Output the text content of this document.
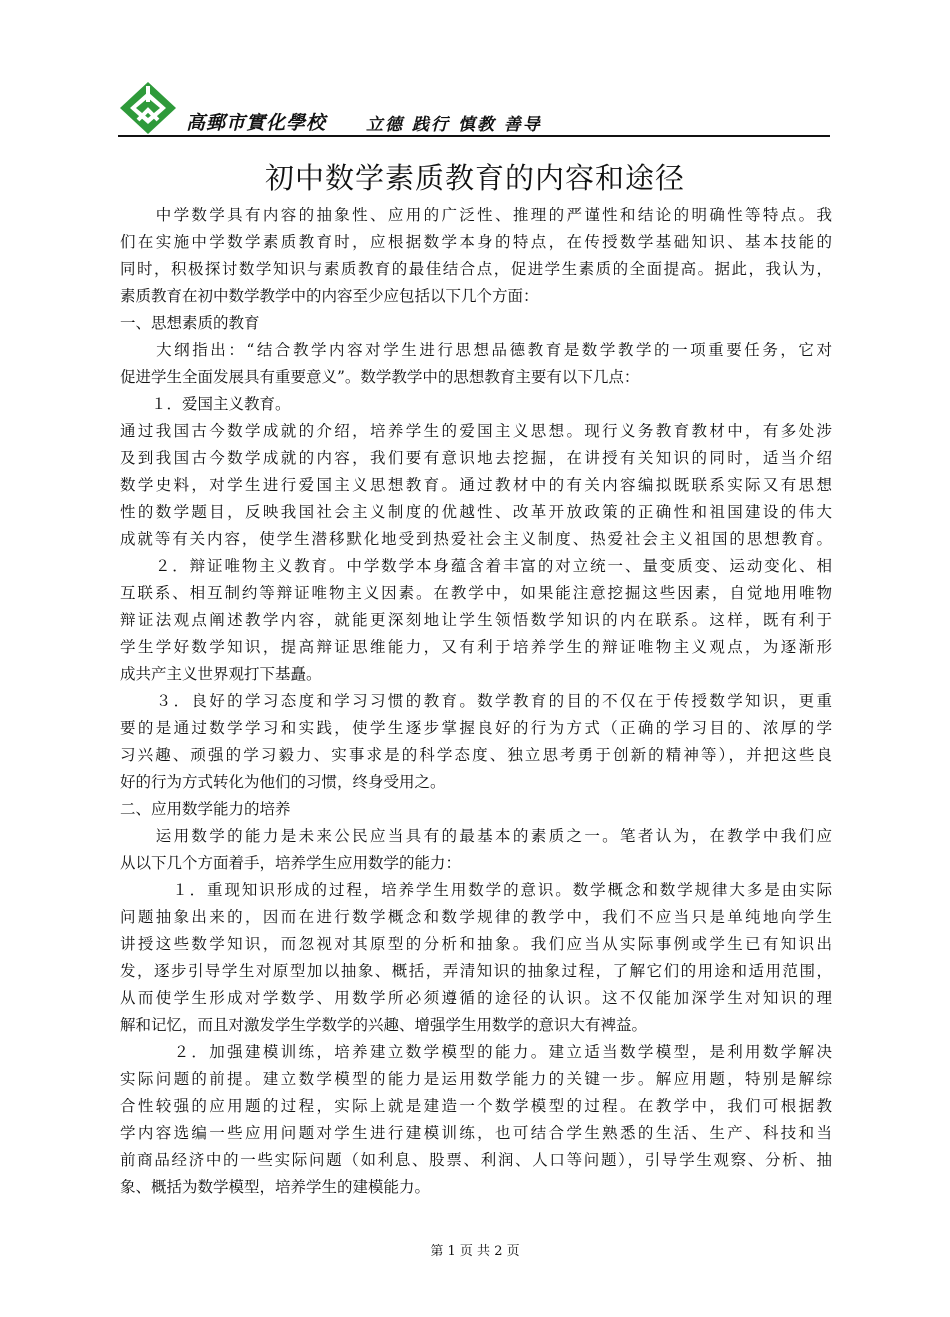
高郵市實化學校 立德 践行 慎教 善导
初中数学素质教育的内容和途径
　　中学数学具有内容的抽象性、应用的广泛性、推理的严谨性和结论的明确性等特点。我
们在实施中学数学素质教育时，应根据数学本身的特点，在传授数学基础知识、基本技能的
同时，积极探讨数学知识与素质教育的最佳结合点，促进学生素质的全面提高。据此，我认为，
素质教育在初中数学教学中的内容至少应包括以下几个方面：
一、思想素质的教育
　　大纲指出：“结合教学内容对学生进行思想品德教育是数学教学的一项重要任务，它对
促进学生全面发展具有重要意义”。数学教学中的思想教育主要有以下几点：
　　１．爱国主义教育。
通过我国古今数学成就的介绍，培养学生的爱国主义思想。现行义务教育教材中，有多处涉
及到我国古今数学成就的内容，我们要有意识地去挖掘，在讲授有关知识的同时，适当介绍
数学史料，对学生进行爱国主义思想教育。通过教材中的有关内容编拟既联系实际又有思想
性的数学题目，反映我国社会主义制度的优越性、改革开放政策的正确性和祖国建设的伟大
成就等有关内容，使学生潜移默化地受到热爱社会主义制度、热爱社会主义祖国的思想教育。
　　２．辩证唯物主义教育。中学数学本身蕴含着丰富的对立统一、量变质变、运动变化、相
互联系、相互制约等辩证唯物主义因素。在教学中，如果能注意挖掘这些因素，自觉地用唯物
辩证法观点阐述教学内容，就能更深刻地让学生领悟数学知识的内在联系。这样，既有利于
学生学好数学知识，提高辩证思维能力，又有利于培养学生的辩证唯物主义观点，为逐渐形
成共产主义世界观打下基矗。
　　３．良好的学习态度和学习习惯的教育。数学教育的目的不仅在于传授数学知识，更重
要的是通过数学学习和实践，使学生逐步掌握良好的行为方式（正确的学习目的、浓厚的学
习兴趣、顽强的学习毅力、实事求是的科学态度、独立思考勇于创新的精神等），并把这些良
好的行为方式转化为他们的习惯，终身受用之。
二、应用数学能力的培养
　　运用数学的能力是未来公民应当具有的最基本的素质之一。笔者认为，在教学中我们应
从以下几个方面着手，培养学生应用数学的能力：
　　　１．重现知识形成的过程，培养学生用数学的意识。数学概念和数学规律大多是由实际
问题抽象出来的，因而在进行数学概念和数学规律的教学中，我们不应当只是单纯地向学生
讲授这些数学知识，而忽视对其原型的分析和抽象。我们应当从实际事例或学生已有知识出
发，逐步引导学生对原型加以抽象、概括，弄清知识的抽象过程，了解它们的用途和适用范围，
从而使学生形成对学数学、用数学所必须遵循的途径的认识。这不仅能加深学生对知识的理
解和记忆，而且对激发学生学数学的兴趣、增强学生用数学的意识大有裨益。
　　　２．加强建模训练，培养建立数学模型的能力。建立适当数学模型，是利用数学解决
实际问题的前提。建立数学模型的能力是运用数学能力的关键一步。解应用题，特别是解综
合性较强的应用题的过程，实际上就是建造一个数学模型的过程。在教学中，我们可根据教
学内容选编一些应用问题对学生进行建模训练，也可结合学生熟悉的生活、生产、科技和当
前商品经济中的一些实际问题（如利息、股票、利润、人口等问题），引导学生观察、分析、抽
象、概括为数学模型，培养学生的建模能力。
第 1 页 共 2 页
